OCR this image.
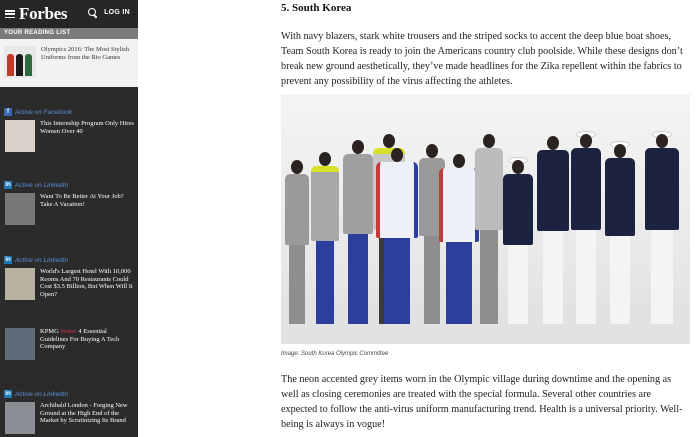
Forbes	LOG IN
YOUR READING LIST
Olympics 2016: The Most Stylish Uniforms from the Rio Games
f Active on Facebook
This Internship Program Only Hires Women Over 40
in Active on LinkedIn
Want To Be Better At Your Job? Take A Vacation!
in Active on LinkedIn
World's Largest Hotel With 10,000 Rooms And 70 Restaurants Could Cost $3.5 Billion, But When Will It Open?
KPMG Voice: 4 Essential Guidelines For Buying A Tech Company
in Active on LinkedIn
Archibald London - Forging New Ground at the High End of the Market by Scrutinizing Its Brand
5. South Korea

With navy blazers, stark white trousers and the striped socks to accent the deep blue boat shoes, Team South Korea is ready to join the Americans country club poolside. While these designs don’t break new ground aesthetically, they’ve made headlines for the Zika repellent within the fabrics to prevent any possibility of the virus affecting the athletes.

Image: South Korea Olympic Committee

The neon accented grey items worn in the Olympic village during downtime and the opening as well as closing ceremonies are treated with the special formula. Several other countries are expected to follow the anti-virus uniform manufacturing trend. Health is a universal priority. Well-being is always in vogue!
